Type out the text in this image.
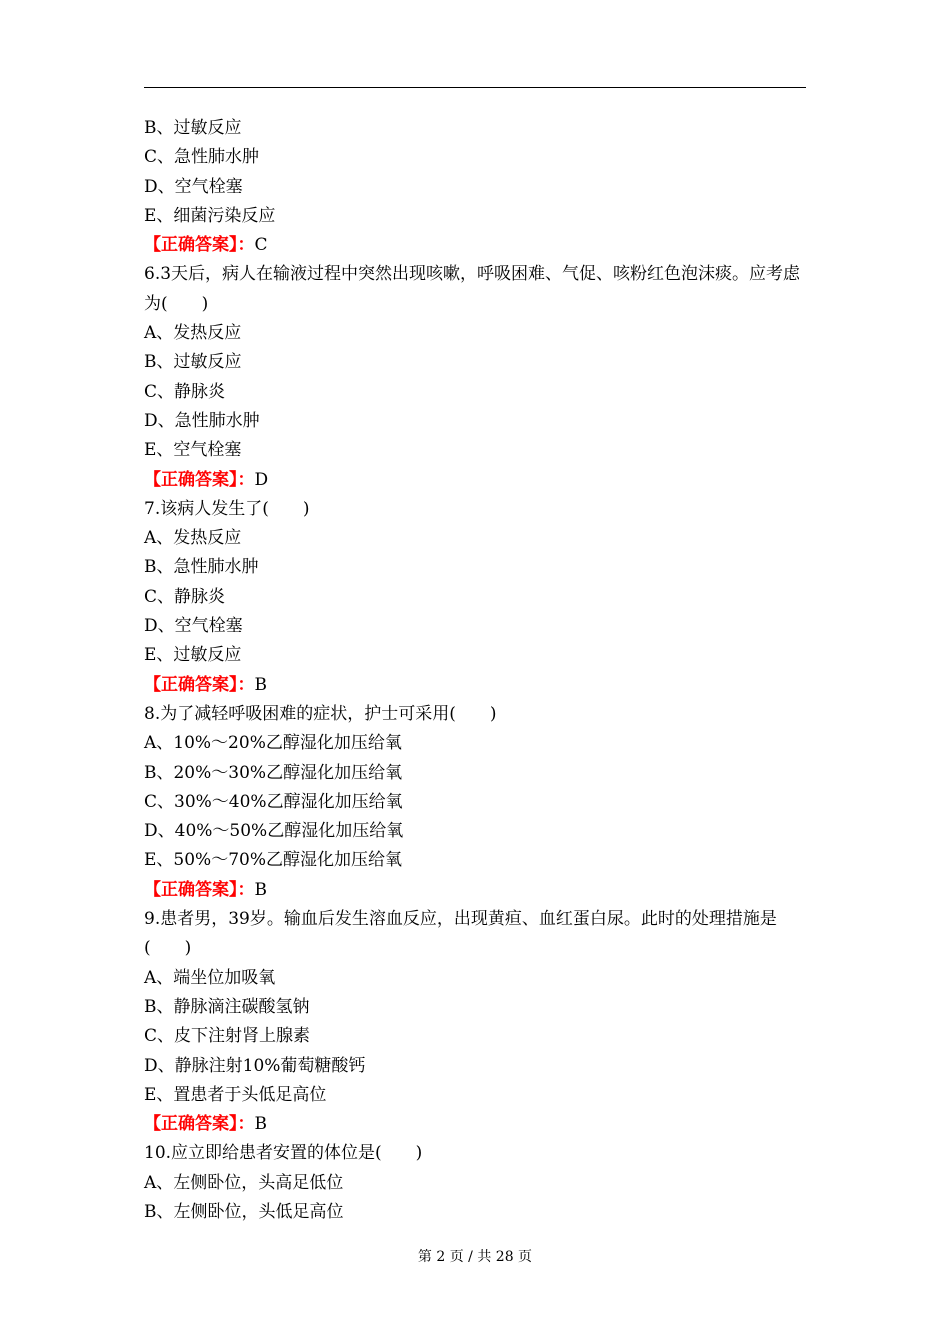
B、过敏反应
C、急性肺水肿
D、空气栓塞
E、细菌污染反应
【正确答案】：C
6.3天后，病人在输液过程中突然出现咳嗽，呼吸困难、气促、咳粉红色泡沫痰。应考虑为(　　)
A、发热反应
B、过敏反应
C、静脉炎
D、急性肺水肿
E、空气栓塞
【正确答案】：D
7.该病人发生了(　　)
A、发热反应
B、急性肺水肿
C、静脉炎
D、空气栓塞
E、过敏反应
【正确答案】：B
8.为了减轻呼吸困难的症状，护士可采用(　　)
A、10%～20%乙醇湿化加压给氧
B、20%～30%乙醇湿化加压给氧
C、30%～40%乙醇湿化加压给氧
D、40%～50%乙醇湿化加压给氧
E、50%～70%乙醇湿化加压给氧
【正确答案】：B
9.患者男，39岁。输血后发生溶血反应，出现黄疸、血红蛋白尿。此时的处理措施是(　　)
A、端坐位加吸氧
B、静脉滴注碳酸氢钠
C、皮下注射肾上腺素
D、静脉注射10%葡萄糖酸钙
E、置患者于头低足高位
【正确答案】：B
10.应立即给患者安置的体位是(　　)
A、左侧卧位，头高足低位
B、左侧卧位，头低足高位
第 2 页 / 共 28 页
